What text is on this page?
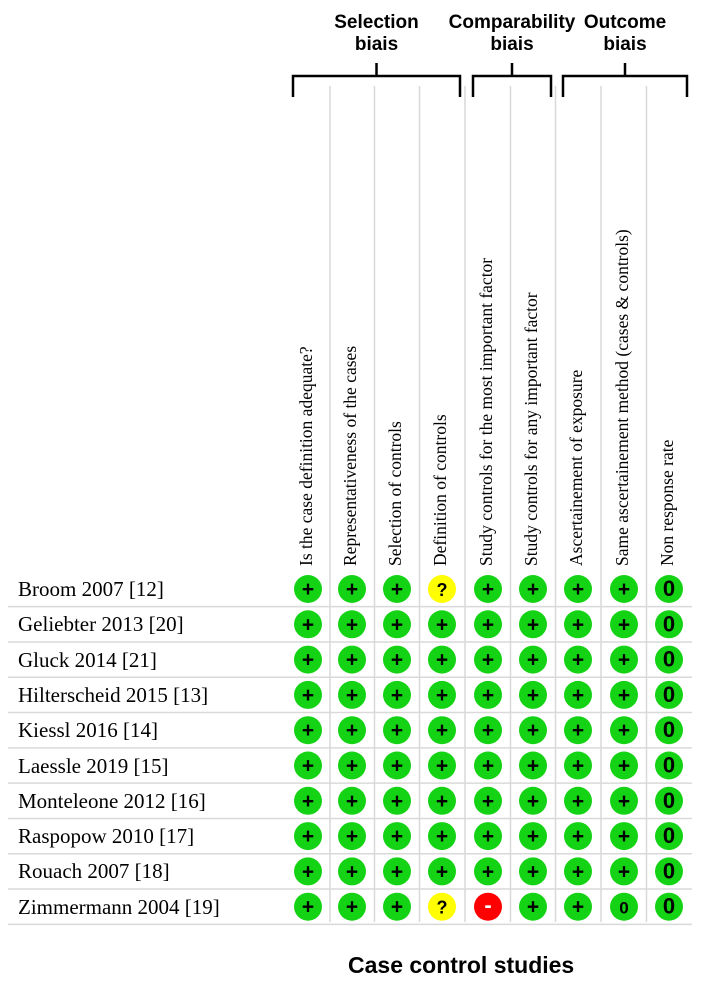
+ + + ? + + + + 0
+ + + + + + + + 0
+ + + + + + + + 0
+ + + + + + + + 0
+ + + + + + + + 0
+ + + + + + + + 0
+ + + + + + + + 0
+ + + + + + + + 0
+ + + + + + + + 0
+ + + ? - + + 0 0
Selection
biais
Comparability
biais
Outcome
biais
Is the case definition adequate? Representativeness of the cases Selection of controls Definition of controls Study controls for the most important factor Study controls for any important factor Ascertainement of exposure Same ascertainement method (cases & controls) Non response rate
Broom 2007 [12]
Geliebter 2013 [20]
Gluck 2014 [21]
Hilterscheid 2015 [13]
Kiessl 2016 [14]
Laessle 2019 [15]
Monteleone 2012 [16]
Raspopow 2010 [17]
Rouach 2007 [18]
Zimmermann 2004 [19]
Case control studies
